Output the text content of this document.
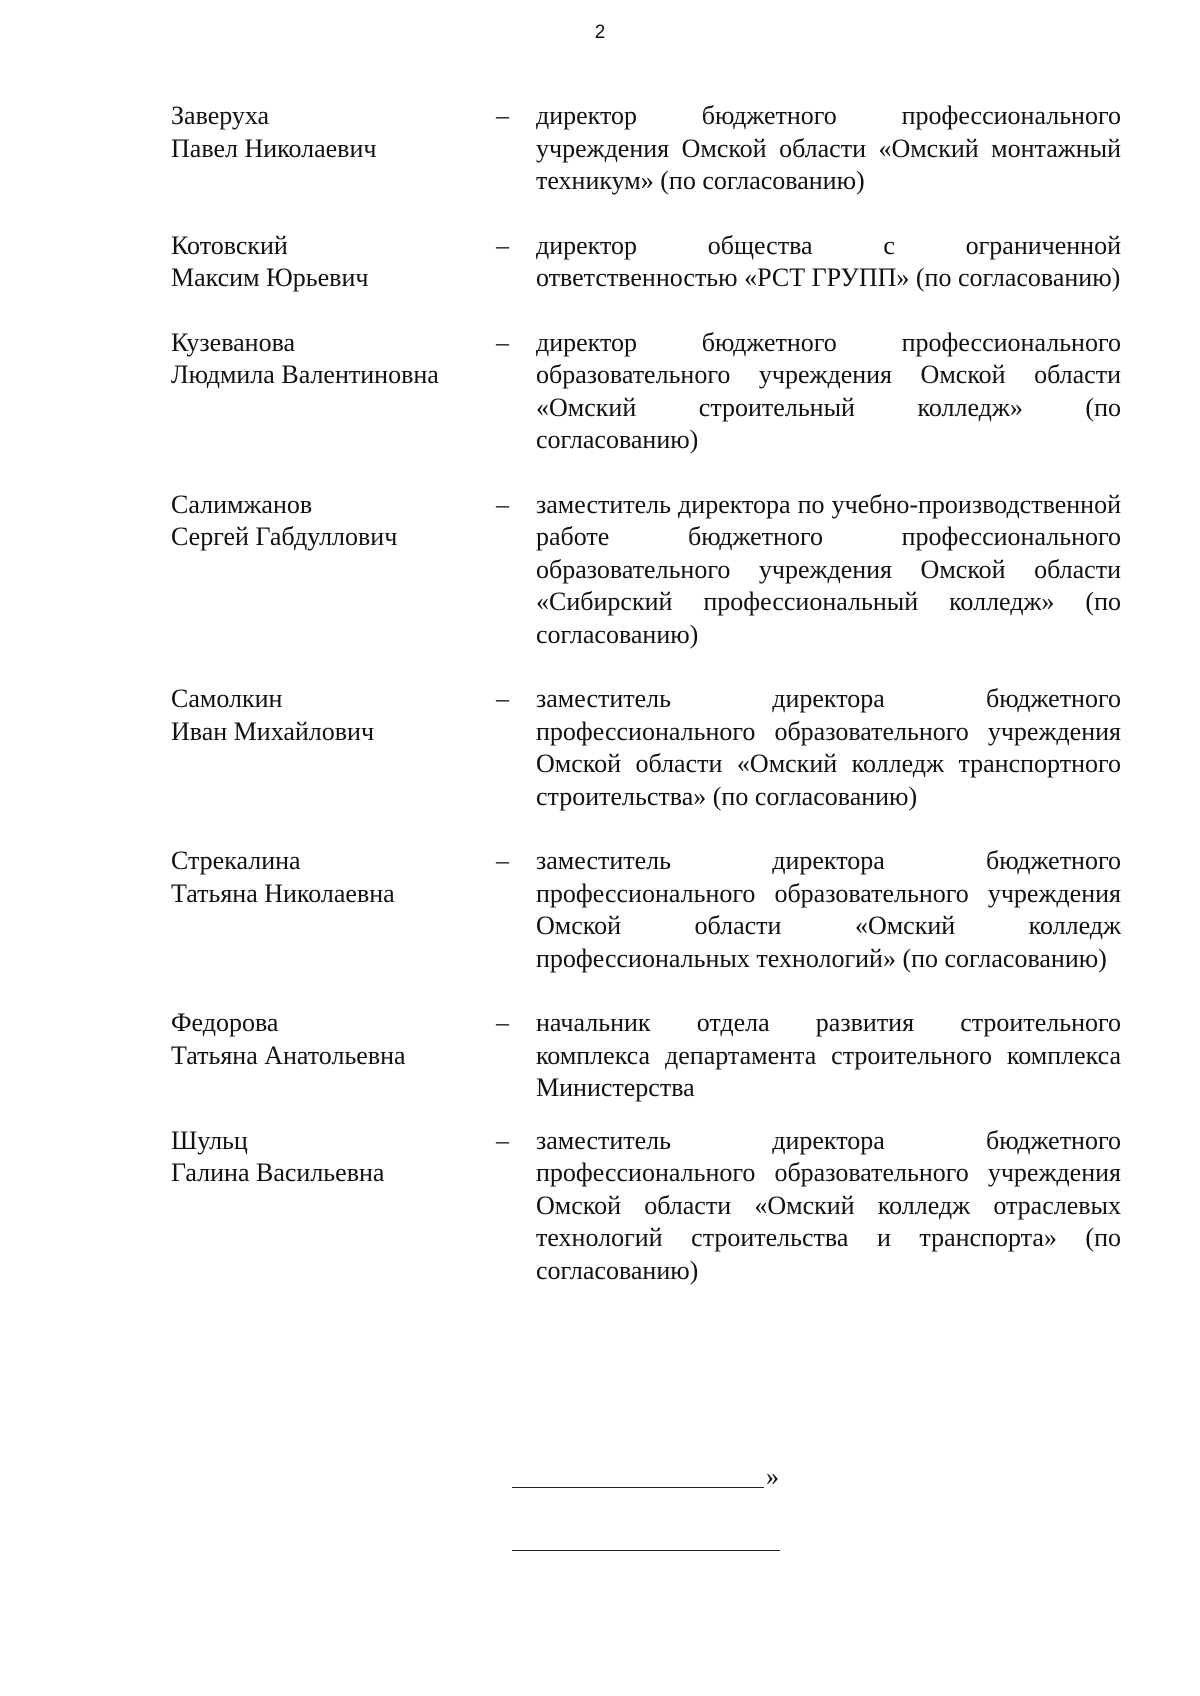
2
Заверуха
Павел Николаевич
–	директор бюджетного профессионального учреждения Омской области «Омский монтажный техникум» (по согласованию)
Котовский
Максим Юрьевич
–	директор общества с ограниченной ответственностью «РСТ ГРУПП» (по согласованию)
Кузеванова
Людмила Валентиновна
–	директор бюджетного профессионального образовательного учреждения Омской области «Омский строительный колледж» (по согласованию)
Салимжанов
Сергей Габдуллович
–	заместитель директора по учебно-производственной работе бюджетного профессионального образовательного учреждения Омской области «Сибирский профессиональный колледж» (по согласованию)
Самолкин
Иван Михайлович
–	заместитель директора бюджетного профессионального образовательного учреждения Омской области «Омский колледж транспортного строительства» (по согласованию)
Стрекалина
Татьяна Николаевна
–	заместитель директора бюджетного профессионального образовательного учреждения Омской области «Омский колледж профессиональных технологий» (по согласованию)
Федорова
Татьяна Анатольевна
–	начальник отдела развития строительного комплекса департамента строительного комплекса Министерства
Шульц
Галина Васильевна
–	заместитель директора бюджетного профессионального образовательного учреждения Омской области «Омский колледж отраслевых технологий строительства и транспорта» (по согласованию)
»
